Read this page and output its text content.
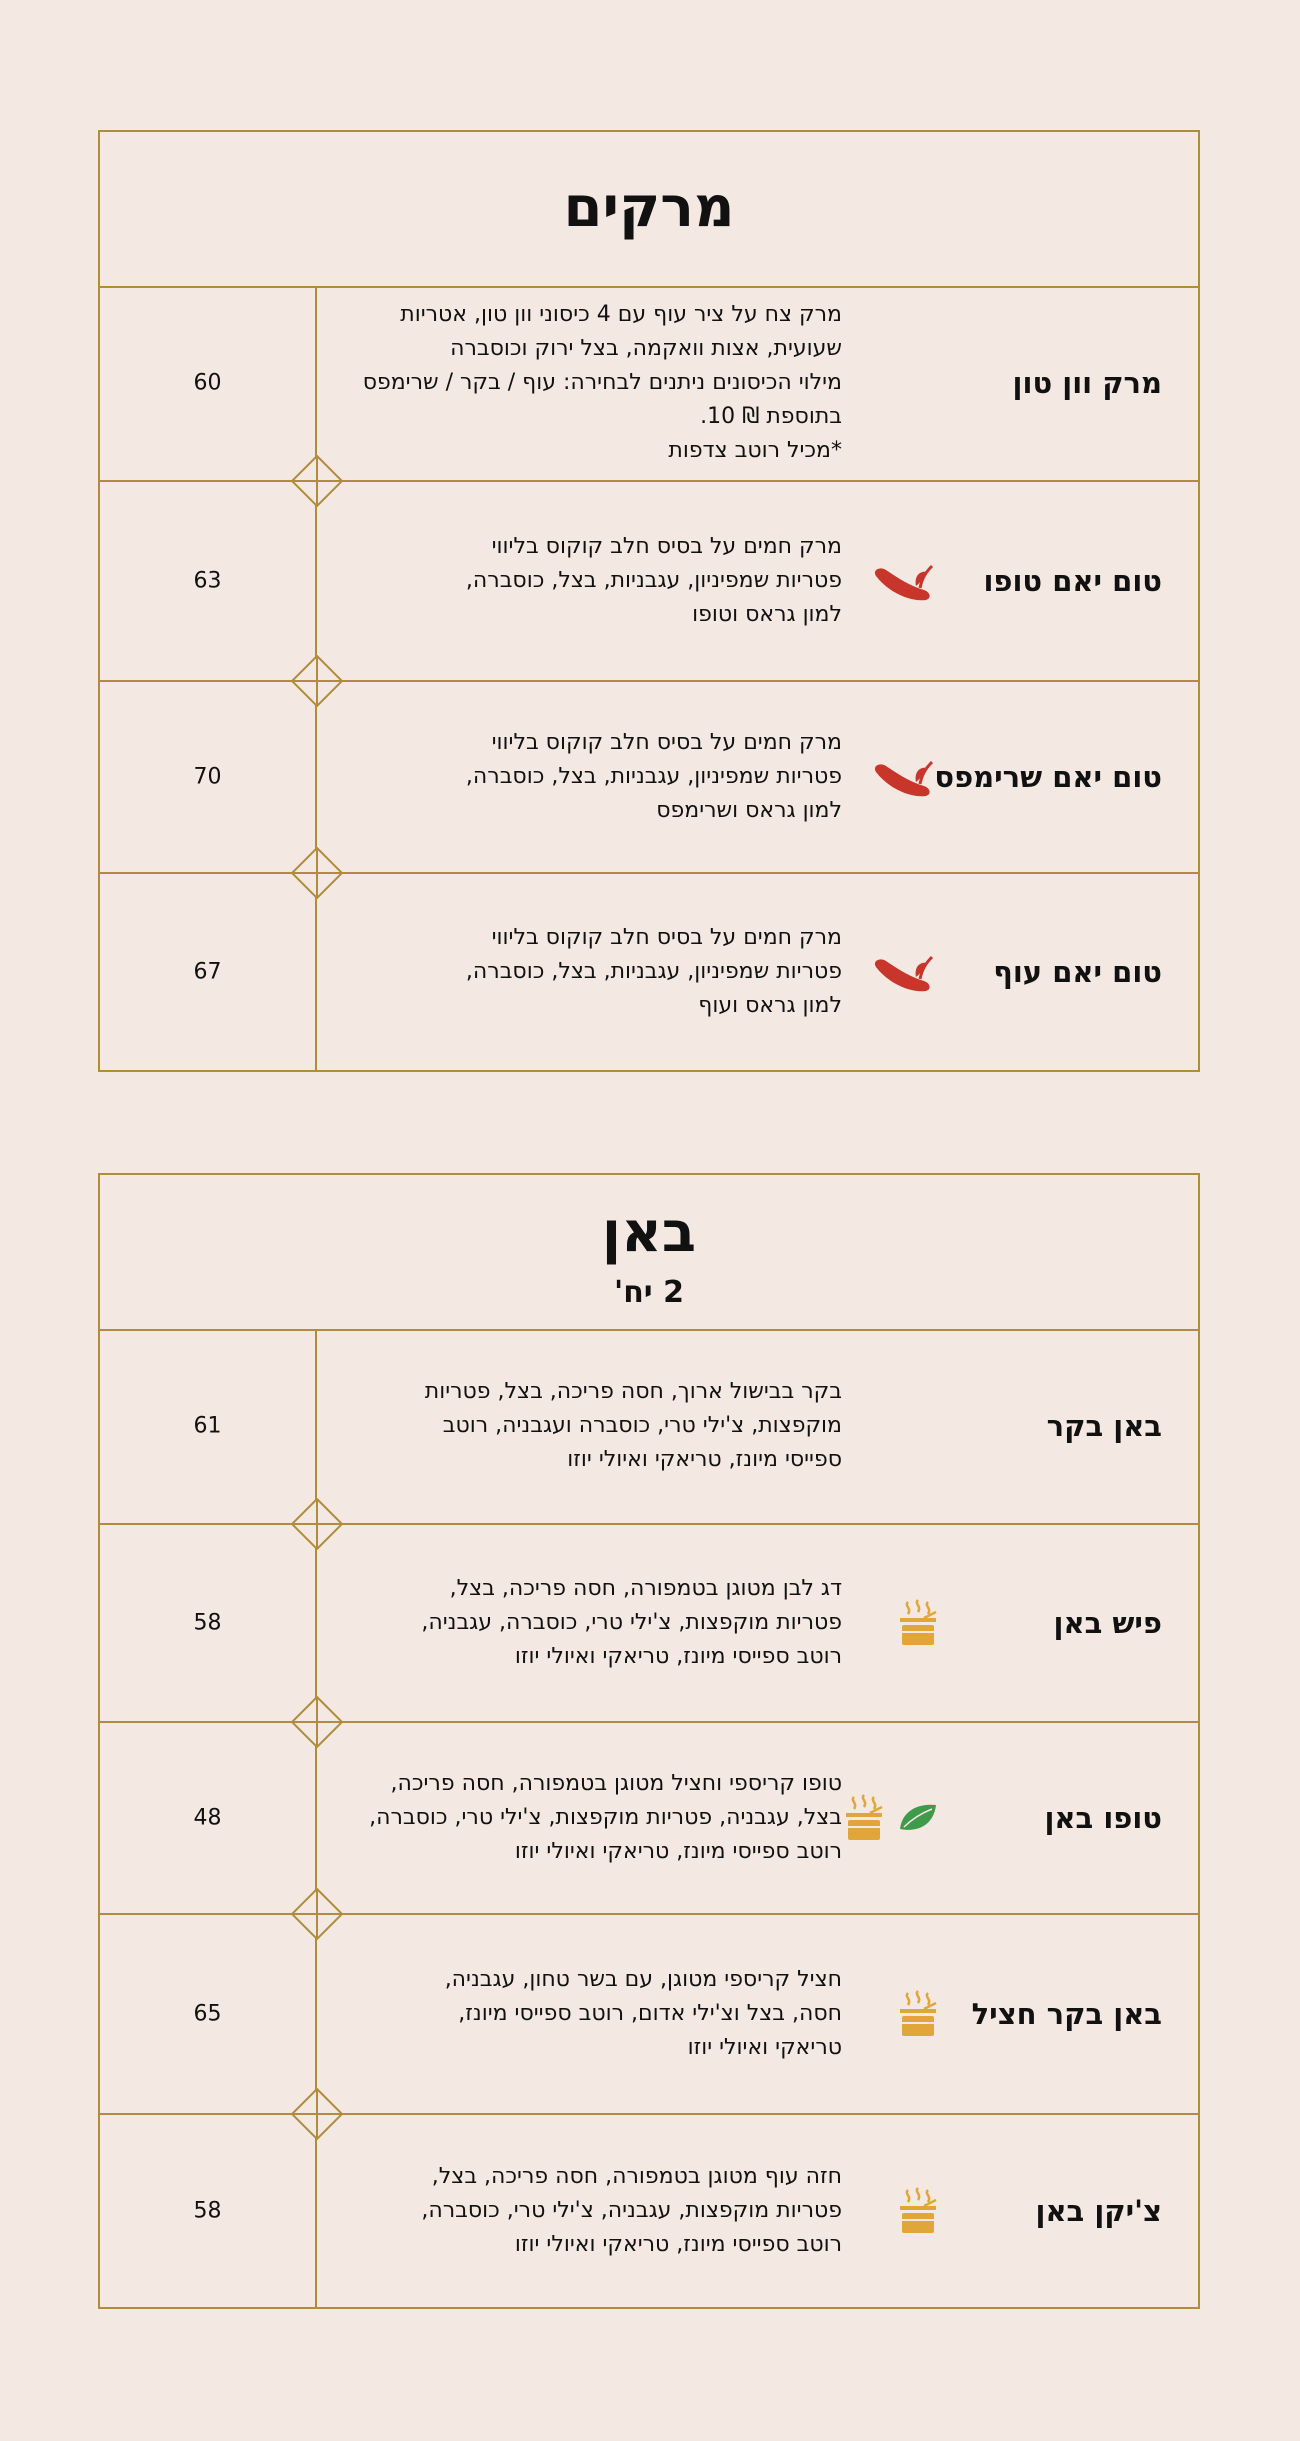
מרקים
מרק וון טון
מרק צח על ציר עוף עם 4 כיסוני וון טון, אטריות
שעועית, אצות וואקמה, בצל ירוק וכוסברה
מילוי הכיסונים ניתנים לבחירה: עוף / בקר / שרימפס
בתוספת ₪ 10.
*מכיל רוטב צדפות
60
טום יאם טופו
מרק חמים על בסיס חלב קוקוס בליווי
פטריות שמפיניון, עגבניות, בצל, כוסברה,
למון גראס וטופו
63
טום יאם שרימפס
מרק חמים על בסיס חלב קוקוס בליווי
פטריות שמפיניון, עגבניות, בצל, כוסברה,
למון גראס ושרימפס
70
טום יאם עוף
מרק חמים על בסיס חלב קוקוס בליווי
פטריות שמפיניון, עגבניות, בצל, כוסברה,
למון גראס ועוף
67
באן
2 יח'
באן בקר
בקר בבישול ארוך, חסה פריכה, בצל, פטריות
מוקפצות, צ'ילי טרי, כוסברה ועגבניה, רוטב
ספייסי מיונז, טריאקי ואיולי יוזו
61
פיש באן
דג לבן מטוגן בטמפורה, חסה פריכה, בצל,
פטריות מוקפצות, צ'ילי טרי, כוסברה, עגבניה,
רוטב ספייסי מיונז, טריאקי ואיולי יוזו
58
טופו באן
טופו קריספי וחציל מטוגן בטמפורה, חסה פריכה,
בצל, עגבניה, פטריות מוקפצות, צ'ילי טרי, כוסברה,
רוטב ספייסי מיונז, טריאקי ואיולי יוזו
48
באן בקר חציל
חציל קריספי מטוגן, עם בשר טחון, עגבניה,
חסה, בצל וצ'ילי אדום, רוטב ספייסי מיונז,
טריאקי ואיולי יוזו
65
צ'יקן באן
חזה עוף מטוגן בטמפורה, חסה פריכה, בצל,
פטריות מוקפצות, עגבניה, צ'ילי טרי, כוסברה,
רוטב ספייסי מיונז, טריאקי ואיולי יוזו
58
